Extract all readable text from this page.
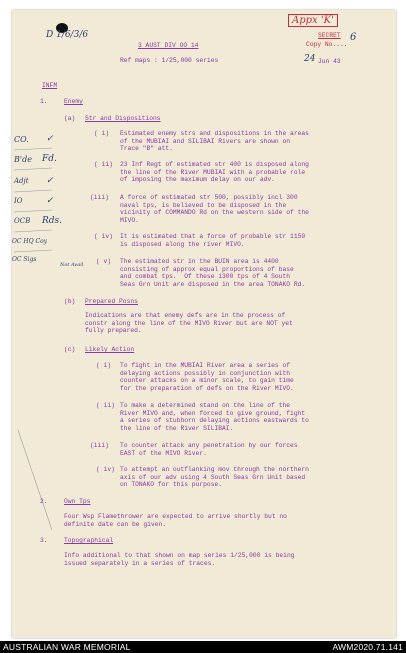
D 1/6/3/6
Appx 'K'
SECRET
Copy No....
6
24 Jun 43
3 AUST DIV OO 14
Ref maps : 1/25,000 series
INFM
1.	Enemy
(a) Str and Dispositions
( i) Estimated enemy strs and dispositions in the areas
of the MUBIAI and SILIBAI Rivers are shown on
Trace "B" att.
( ii) 23 Inf Regt of estimated str 400 is disposed along
the line of the River MUBIAI with a probable role
of imposing the maximum delay on our adv.
(iii) A force of estimated str 500, possibly incl 300
naval tps, is believed to be disposed in the
vicinity of COMMANDO Rd on the western side of the
MIVO.
( iv) It is estimated that a force of probable str 1150
is disposed along the river MIVO.
( v) The estimated str in the BUIN area is 4400
consisting of approx equal proportions of base
and combat tps.  Of these 1300 tps of 4 South
Seas Grn Unit are disposed in the area TONAKO Rd.
(b) Prepared Posns
Indications are that enemy defs are in the process of
constr along the line of the MIVO River but are NOT yet
fully prepared.
(c) Likely Action
( i) To fight in the MUBIAI River area a series of
delaying actions possibly in conjunction with
counter attacks on a minor scale, to gain time
for the preparation of defs on the River MIVO.
( ii) To make a determined stand on the line of the
River MIVO and, when forced to give ground, fight
a series of stubborn delaying actions eastwards to
the line of the River SILIBAI.
(iii) To counter attack any penetration by our forces
EAST of the MIVO River.
( iv) To attempt an outflanking mov through the northern
axis of our adv using 4 South Seas Grn Unit based
on TONAKO for this purpose.
2.	Own Tps
Four Wsp Flamethrower are expected to arrive shortly but no
definite date can be given.
3.	Topographical
Info additional to that shown on map series 1/25,000 is being
issued separately in a series of traces.
CO.
B'de
Adjt
IO
OCB
OC HQ Coy
OC Sigs
Not Avail
✓
Fd.
✓
✓
Rds.
AUSTRALIAN WAR MEMORIAL	AWM2020.71.141
